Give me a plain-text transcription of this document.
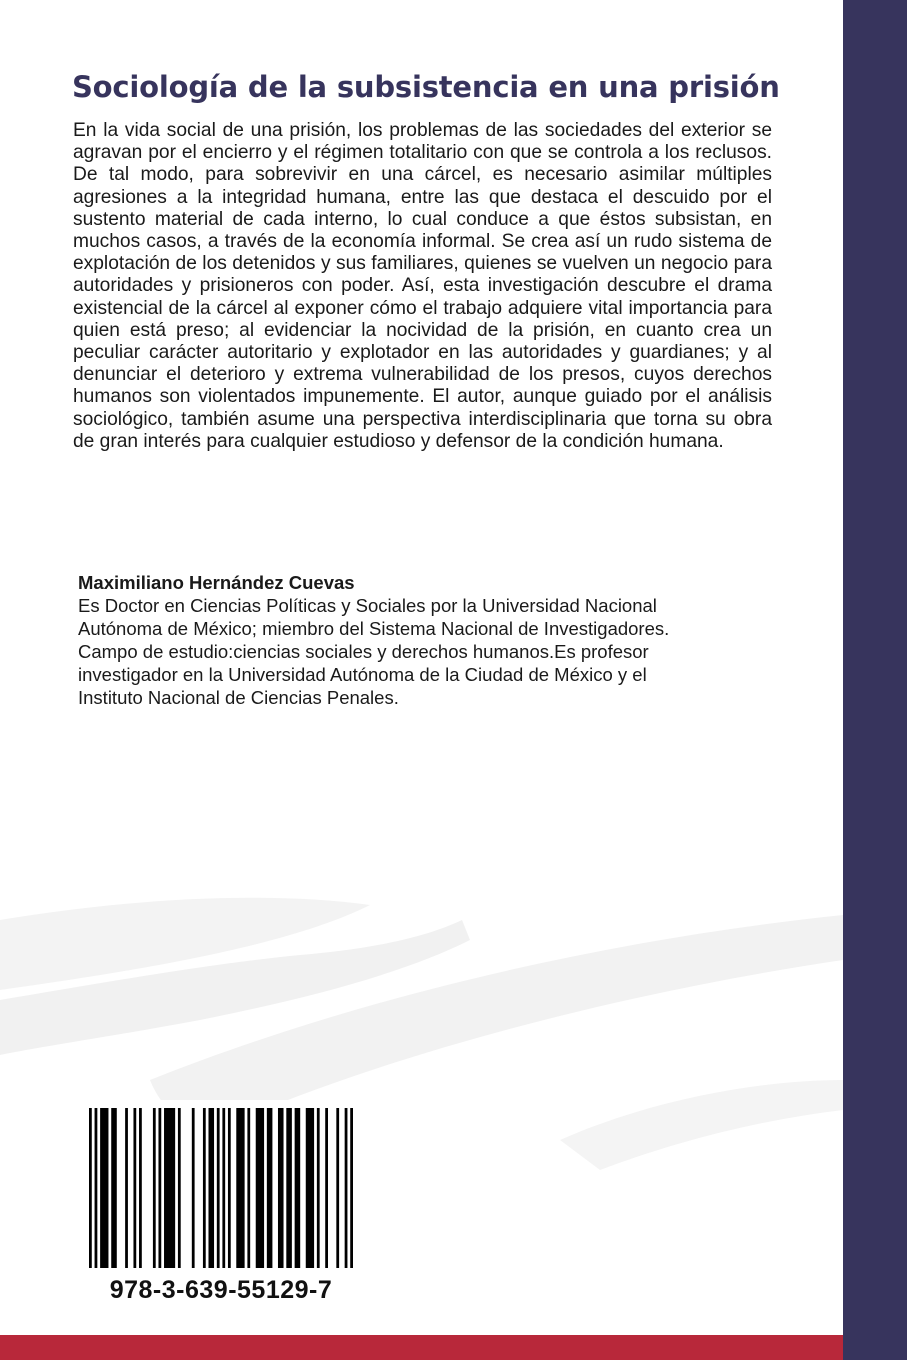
Sociología de la subsistencia en una prisión

En la vida social de una prisión, los problemas de las sociedades del exterior se agravan por el encierro y el régimen totalitario con que se controla a los reclusos. De tal modo, para sobrevivir en una cárcel, es necesario asimilar múltiples agresiones a la integridad humana, entre las que destaca el descuido por el sustento material de cada interno, lo cual conduce a que éstos subsistan, en muchos casos, a través de la economía informal. Se crea así un rudo sistema de explotación de los detenidos y sus familiares, quienes se vuelven un negocio para autoridades y prisioneros con poder. Así, esta investigación descubre el drama existencial de la cárcel al exponer cómo el trabajo adquiere vital importancia para quien está preso; al evidenciar la nocividad de la prisión, en cuanto crea un peculiar carácter autoritario y explotador en las autoridades y guardianes; y al denunciar el deterioro y extrema vulnerabilidad de los presos, cuyos derechos humanos son violentados impunemente. El autor, aunque guiado por el análisis sociológico, también asume una perspectiva interdisciplinaria que torna su obra de gran interés para cualquier estudioso y defensor de la condición humana.

Maximiliano Hernández Cuevas

Es Doctor en Ciencias Políticas y Sociales por la Universidad Nacional
Autónoma de México; miembro del Sistema Nacional de Investigadores.
Campo de estudio:ciencias sociales y derechos humanos.Es profesor
investigador en la Universidad Autónoma de la Ciudad de México y el
Instituto Nacional de Ciencias Penales.

978-3-639-55129-7
